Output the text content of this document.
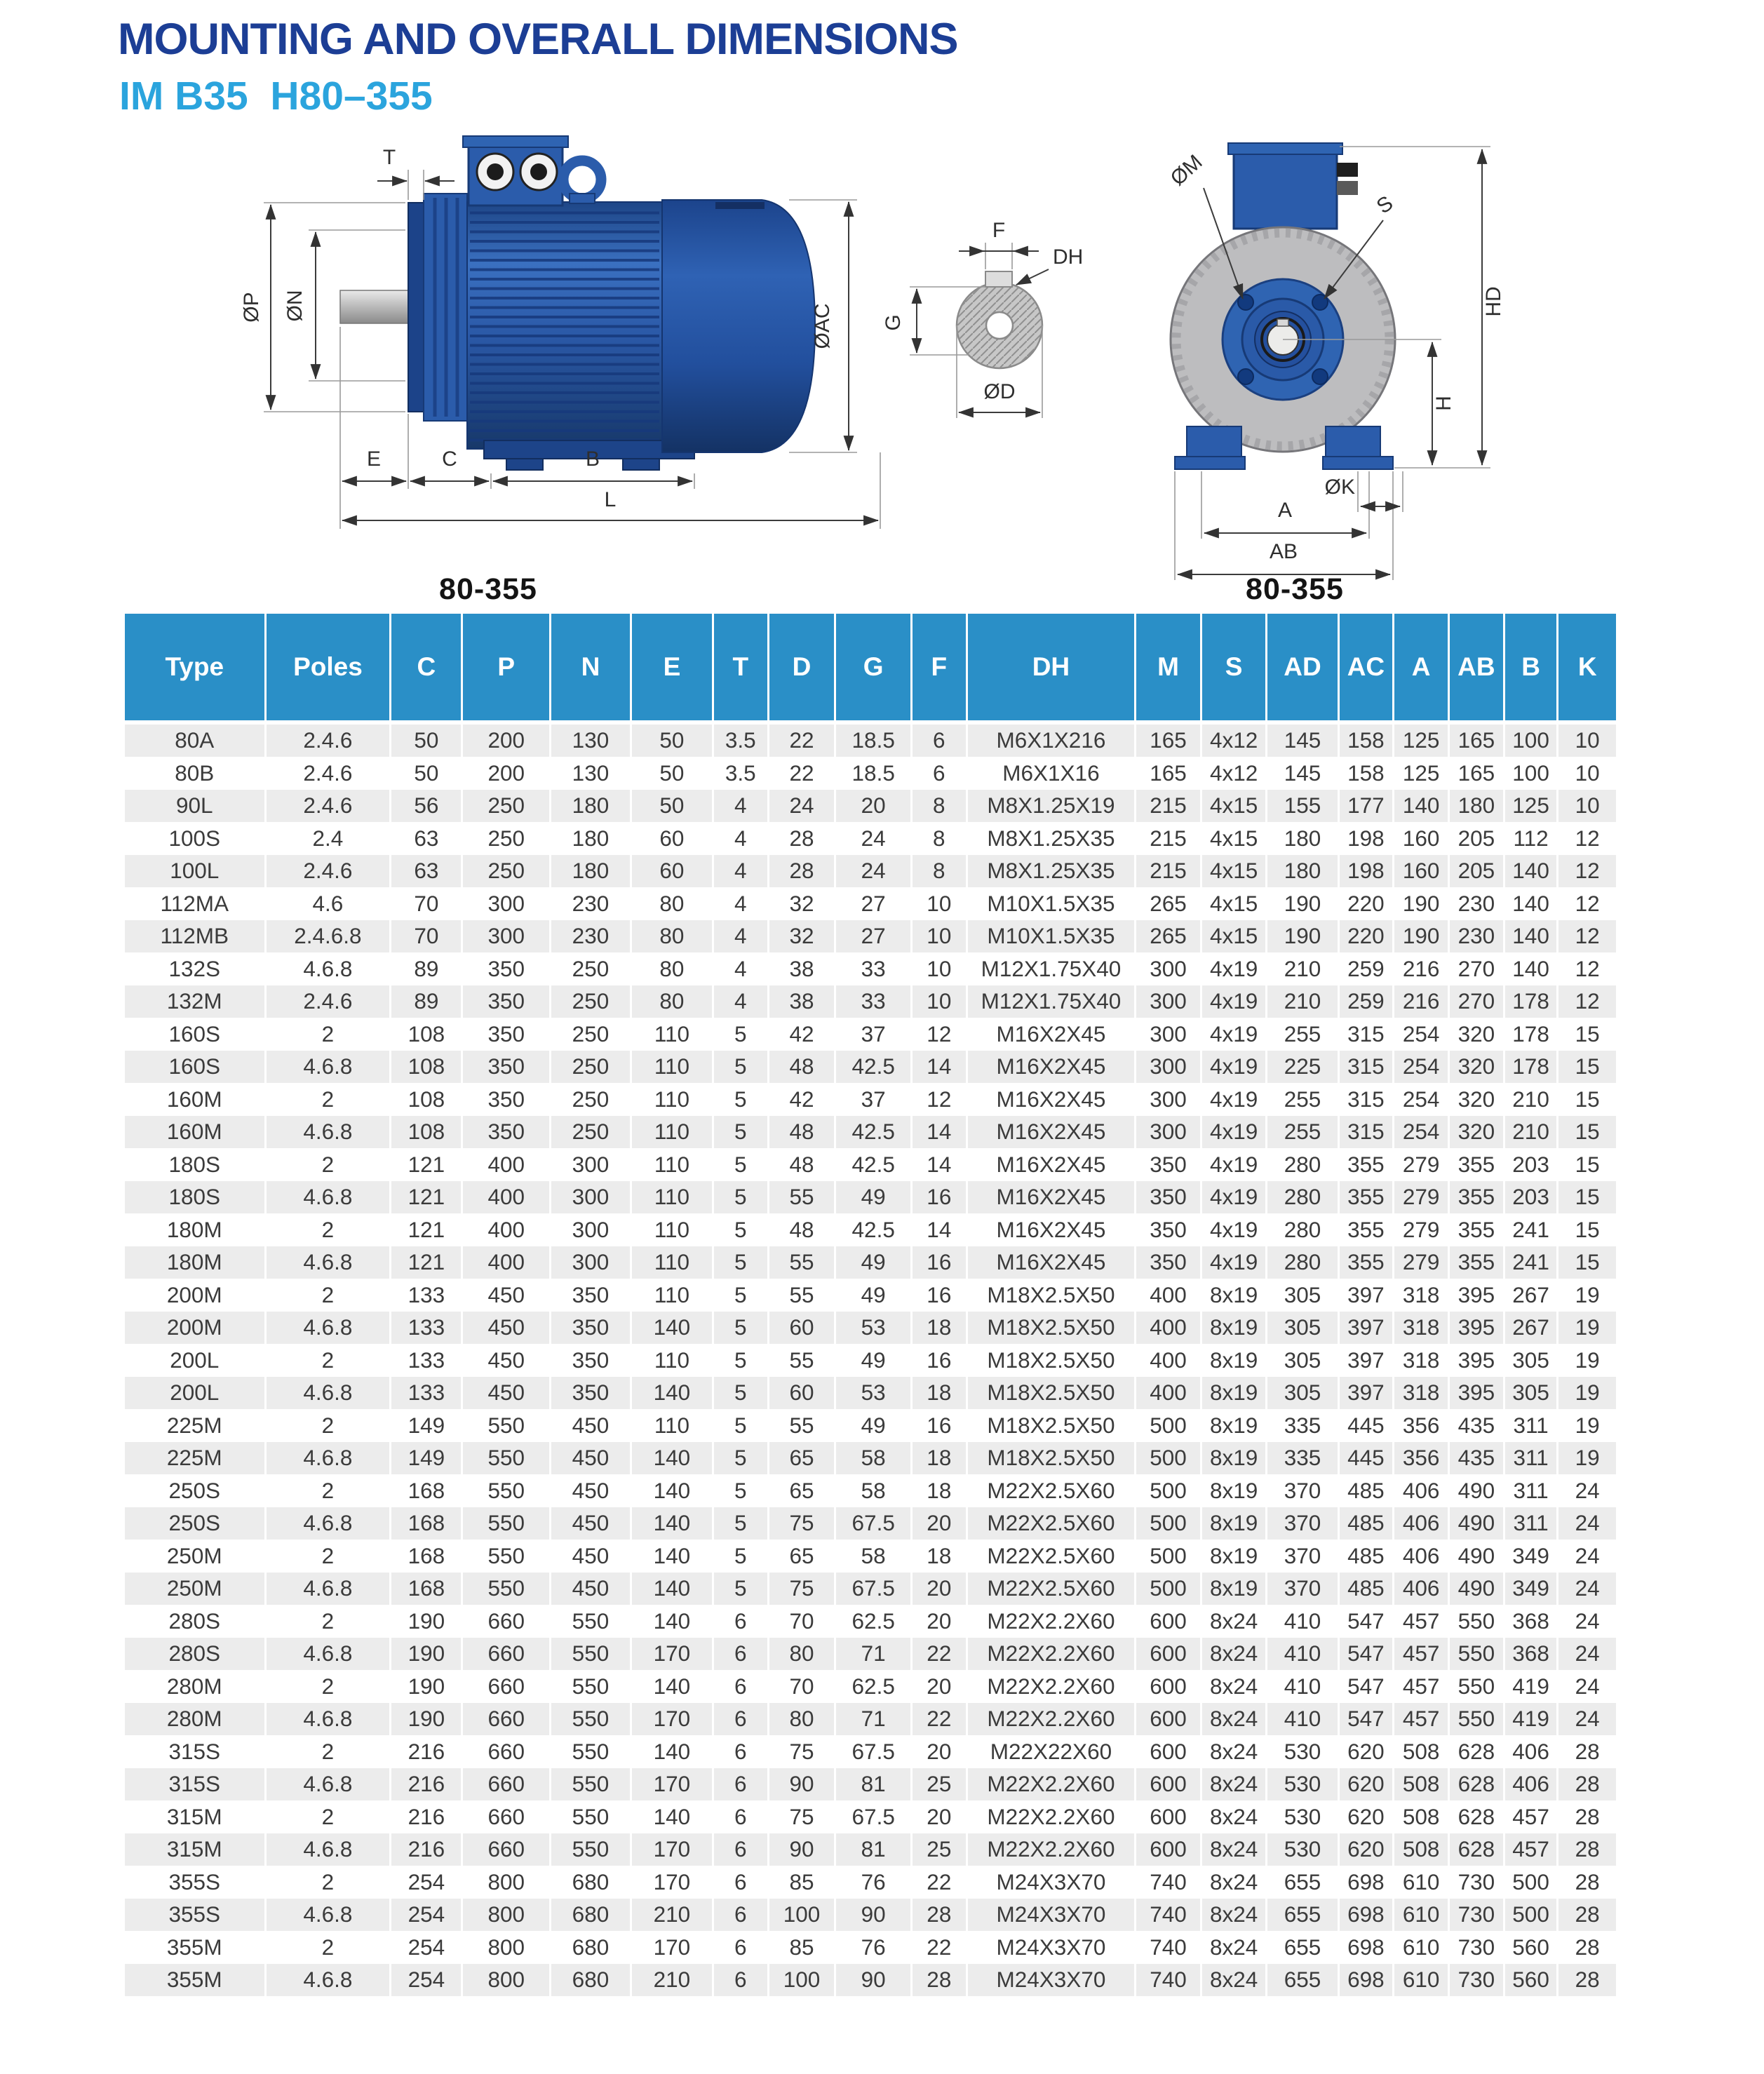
MOUNTING AND OVERALL DIMENSIONS
IM B35  H80–355
T
ØP ØN	ØAC
E	C	B
L
F
DH
G
ØD
ØM
S
HD
H
ØK
A
AB
80-355	80-355
Type	Poles	C	P	N	E	T	D	G	F	DH	M	S	AD	AC	A	AB	B	K
80A	2.4.6	50	200	130	50	3.5	22	18.5	6	M6X1X216	165	4x12	145	158	125	165	100	10
80B	2.4.6	50	200	130	50	3.5	22	18.5	6	M6X1X16	165	4x12	145	158	125	165	100	10
90L	2.4.6	56	250	180	50	4	24	20	8	M8X1.25X19	215	4x15	155	177	140	180	125	10
100S	2.4	63	250	180	60	4	28	24	8	M8X1.25X35	215	4x15	180	198	160	205	112	12
100L	2.4.6	63	250	180	60	4	28	24	8	M8X1.25X35	215	4x15	180	198	160	205	140	12
112MA	4.6	70	300	230	80	4	32	27	10	M10X1.5X35	265	4x15	190	220	190	230	140	12
112MB	2.4.6.8	70	300	230	80	4	32	27	10	M10X1.5X35	265	4x15	190	220	190	230	140	12
132S	4.6.8	89	350	250	80	4	38	33	10	M12X1.75X40	300	4x19	210	259	216	270	140	12
132M	2.4.6	89	350	250	80	4	38	33	10	M12X1.75X40	300	4x19	210	259	216	270	178	12
160S	2	108	350	250	110	5	42	37	12	M16X2X45	300	4x19	255	315	254	320	178	15
160S	4.6.8	108	350	250	110	5	48	42.5	14	M16X2X45	300	4x19	225	315	254	320	178	15
160M	2	108	350	250	110	5	42	37	12	M16X2X45	300	4x19	255	315	254	320	210	15
160M	4.6.8	108	350	250	110	5	48	42.5	14	M16X2X45	300	4x19	255	315	254	320	210	15
180S	2	121	400	300	110	5	48	42.5	14	M16X2X45	350	4x19	280	355	279	355	203	15
180S	4.6.8	121	400	300	110	5	55	49	16	M16X2X45	350	4x19	280	355	279	355	203	15
180M	2	121	400	300	110	5	48	42.5	14	M16X2X45	350	4x19	280	355	279	355	241	15
180M	4.6.8	121	400	300	110	5	55	49	16	M16X2X45	350	4x19	280	355	279	355	241	15
200M	2	133	450	350	110	5	55	49	16	M18X2.5X50	400	8x19	305	397	318	395	267	19
200M	4.6.8	133	450	350	140	5	60	53	18	M18X2.5X50	400	8x19	305	397	318	395	267	19
200L	2	133	450	350	110	5	55	49	16	M18X2.5X50	400	8x19	305	397	318	395	305	19
200L	4.6.8	133	450	350	140	5	60	53	18	M18X2.5X50	400	8x19	305	397	318	395	305	19
225M	2	149	550	450	110	5	55	49	16	M18X2.5X50	500	8x19	335	445	356	435	311	19
225M	4.6.8	149	550	450	140	5	65	58	18	M18X2.5X50	500	8x19	335	445	356	435	311	19
250S	2	168	550	450	140	5	65	58	18	M22X2.5X60	500	8x19	370	485	406	490	311	24
250S	4.6.8	168	550	450	140	5	75	67.5	20	M22X2.5X60	500	8x19	370	485	406	490	311	24
250M	2	168	550	450	140	5	65	58	18	M22X2.5X60	500	8x19	370	485	406	490	349	24
250M	4.6.8	168	550	450	140	5	75	67.5	20	M22X2.5X60	500	8x19	370	485	406	490	349	24
280S	2	190	660	550	140	6	70	62.5	20	M22X2.2X60	600	8x24	410	547	457	550	368	24
280S	4.6.8	190	660	550	170	6	80	71	22	M22X2.2X60	600	8x24	410	547	457	550	368	24
280M	2	190	660	550	140	6	70	62.5	20	M22X2.2X60	600	8x24	410	547	457	550	419	24
280M	4.6.8	190	660	550	170	6	80	71	22	M22X2.2X60	600	8x24	410	547	457	550	419	24
315S	2	216	660	550	140	6	75	67.5	20	M22X22X60	600	8x24	530	620	508	628	406	28
315S	4.6.8	216	660	550	170	6	90	81	25	M22X2.2X60	600	8x24	530	620	508	628	406	28
315M	2	216	660	550	140	6	75	67.5	20	M22X2.2X60	600	8x24	530	620	508	628	457	28
315M	4.6.8	216	660	550	170	6	90	81	25	M22X2.2X60	600	8x24	530	620	508	628	457	28
355S	2	254	800	680	170	6	85	76	22	M24X3X70	740	8x24	655	698	610	730	500	28
355S	4.6.8	254	800	680	210	6	100	90	28	M24X3X70	740	8x24	655	698	610	730	500	28
355M	2	254	800	680	170	6	85	76	22	M24X3X70	740	8x24	655	698	610	730	560	28
355M	4.6.8	254	800	680	210	6	100	90	28	M24X3X70	740	8x24	655	698	610	730	560	28
